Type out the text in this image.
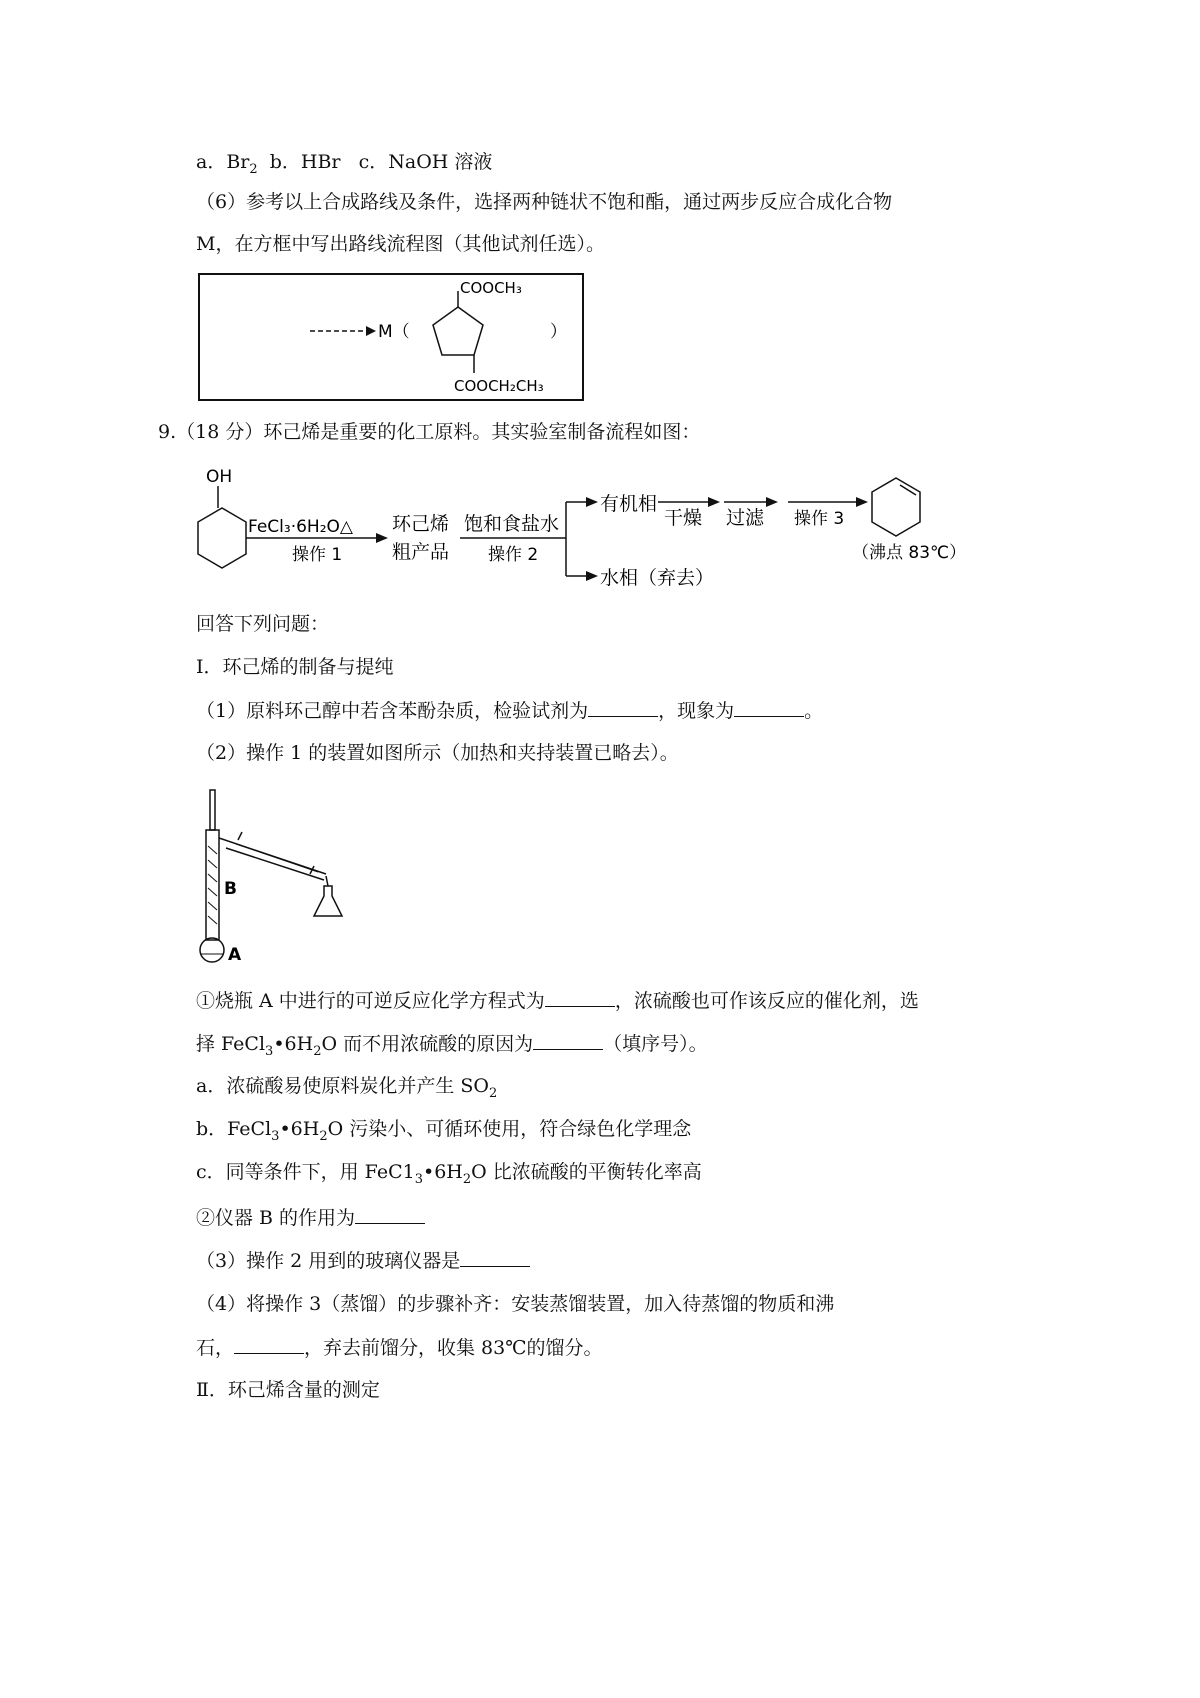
a．$Br_2$  b．HBr   c．NaOH 溶液
（6）参考以上合成路线及条件，选择两种链状不饱和酯，通过两步反应合成化合物
M，在方框中写出路线流程图（其他试剂任选）。
M（
COOCH₃
COOCH₂CH₃
）
9.（18 分）环己烯是重要的化工原料。其实验室制备流程如图：
OH
FeCl₃·6H₂O△
操作 1
环己烯
粗产品
饱和食盐水
操作 2
有机相
水相（弃去）
干燥 过滤 操作 3
（沸点 83℃）
回答下列问题：
Ⅰ．环己烯的制备与提纯
（1）原料环己醇中若含苯酚杂质，检验试剂为	，现象为	。
（2）操作 1 的装置如图所示（加热和夹持装置已略去）。
B
A
①烧瓶 A 中进行的可逆反应化学方程式为	，浓硫酸也可作该反应的催化剂，选
择 $FeCl_3•6H_2O$ 而不用浓硫酸的原因为	（填序号）。
a．浓硫酸易使原料炭化并产生 $SO_2$
b．$FeCl_3•6H_2O$ 污染小、可循环使用，符合绿色化学理念
c．同等条件下，用 $FeC1_3•6H_2O$ 比浓硫酸的平衡转化率高
②仪器 B 的作用为
（3）操作 2 用到的玻璃仪器是
（4）将操作 3（蒸馏）的步骤补齐：安装蒸馏装置，加入待蒸馏的物质和沸
石，	，弃去前馏分，收集 83℃的馏分。
Ⅱ．环己烯含量的测定
